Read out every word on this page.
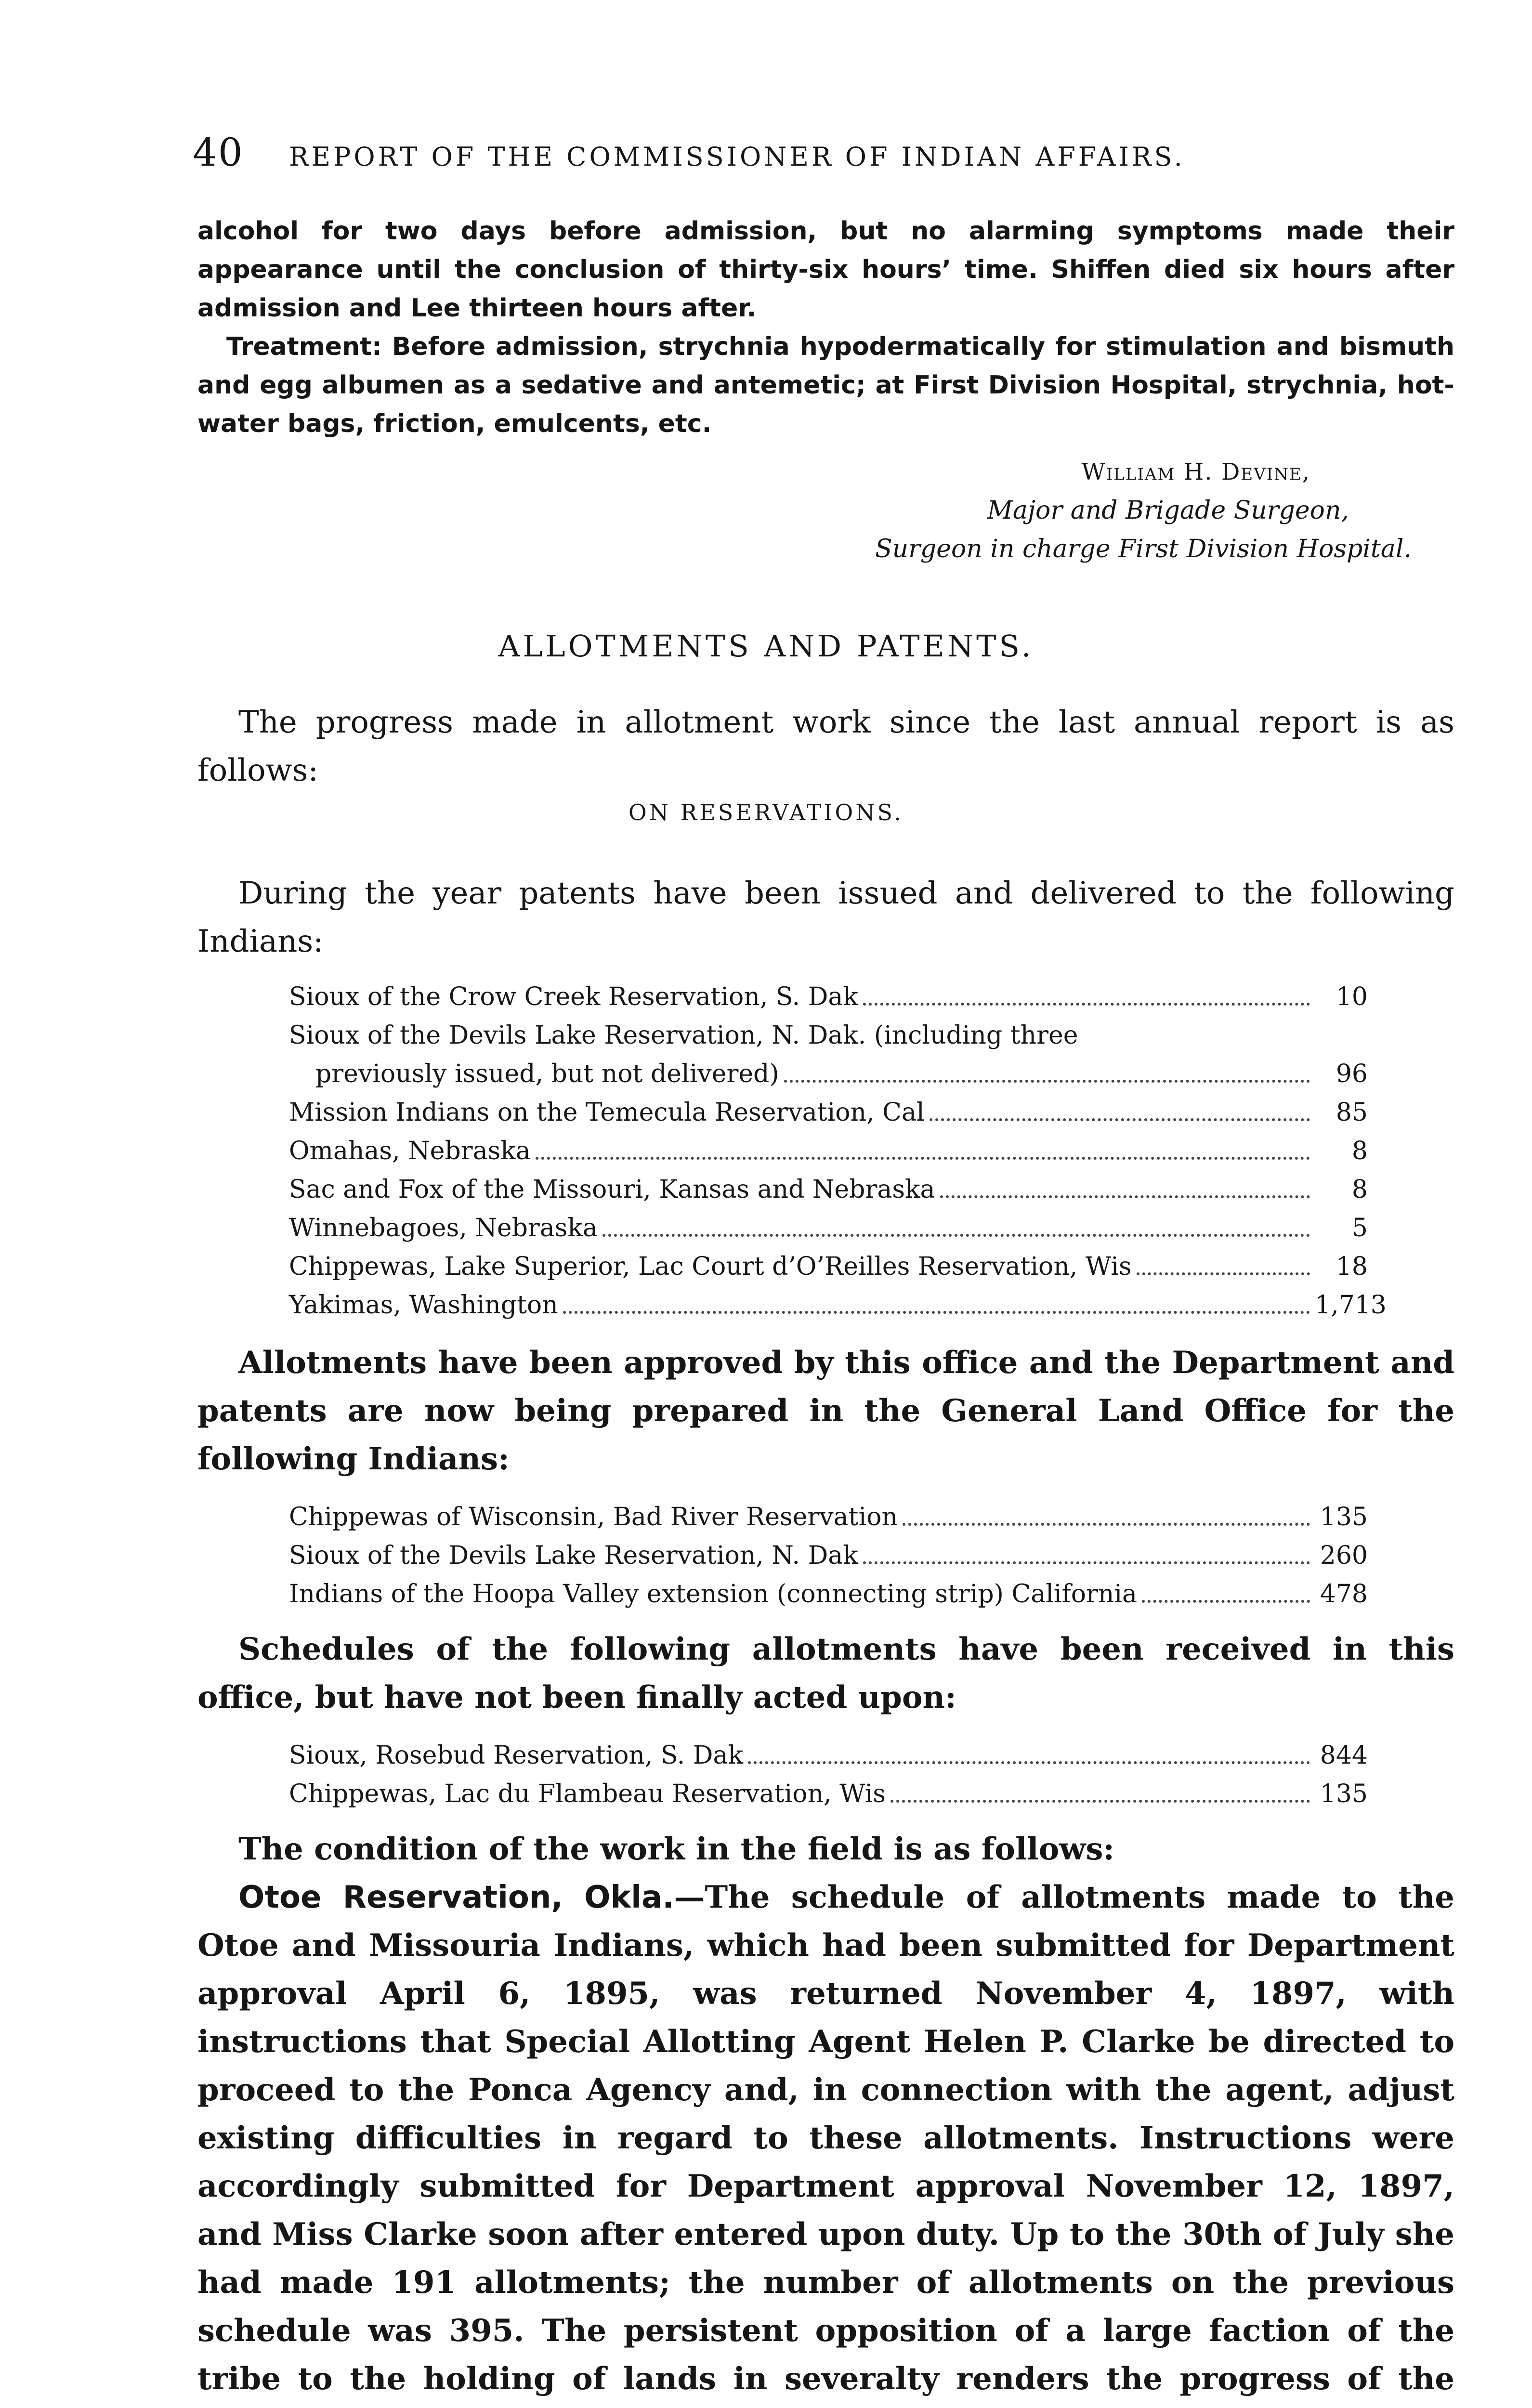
40	REPORT OF THE COMMISSIONER OF INDIAN AFFAIRS.

alcohol for two days before admission, but no alarming symptoms made their appearance until the conclusion of thirty-six hours’ time. Shiffen died six hours after admission and Lee thirteen hours after.

Treatment: Before admission, strychnia hypodermatically for stimulation and bismuth and egg albumen as a sedative and antemetic; at First Division Hospital, strychnia, hot-water bags, friction, emulcents, etc.

William H. Devine,
Major and Brigade Surgeon,
Surgeon in charge First Division Hospital.
ALLOTMENTS AND PATENTS.

The progress made in allotment work since the last annual report is as follows:

ON RESERVATIONS.

During the year patents have been issued and delivered to the following Indians:

Sioux of the Crow Creek Reservation, S. Dak	10
Sioux of the Devils Lake Reservation, N. Dak. (including three
previously issued, but not delivered)	96
Mission Indians on the Temecula Reservation, Cal	85
Omahas, Nebraska	8
Sac and Fox of the Missouri, Kansas and Nebraska	8
Winnebagoes, Nebraska	5
Chippewas, Lake Superior, Lac Court d’O’Reilles Reservation, Wis	18
Yakimas, Washington	1,713

Allotments have been approved by this office and the Department and patents are now being prepared in the General Land Office for the following Indians:

Chippewas of Wisconsin, Bad River Reservation	135
Sioux of the Devils Lake Reservation, N. Dak	260
Indians of the Hoopa Valley extension (connecting strip) California	478

Schedules of the following allotments have been received in this office, but have not been finally acted upon:

Sioux, Rosebud Reservation, S. Dak	844
Chippewas, Lac du Flambeau Reservation, Wis	135

The condition of the work in the field is as follows:

Otoe Reservation, Okla.—The schedule of allotments made to the Otoe and Missouria Indians, which had been submitted for Department approval April 6, 1895, was returned November 4, 1897, with instructions that Special Allotting Agent Helen P. Clarke be directed to proceed to the Ponca Agency and, in connection with the agent, adjust existing difficulties in regard to these allotments. Instructions were accordingly submitted for Department approval November 12, 1897, and Miss Clarke soon after entered upon duty. Up to the 30th of July she had made 191 allotments; the number of allotments on the previous schedule was 395. The persistent opposition of a large faction of the tribe to the holding of lands in severalty renders the progress of the
